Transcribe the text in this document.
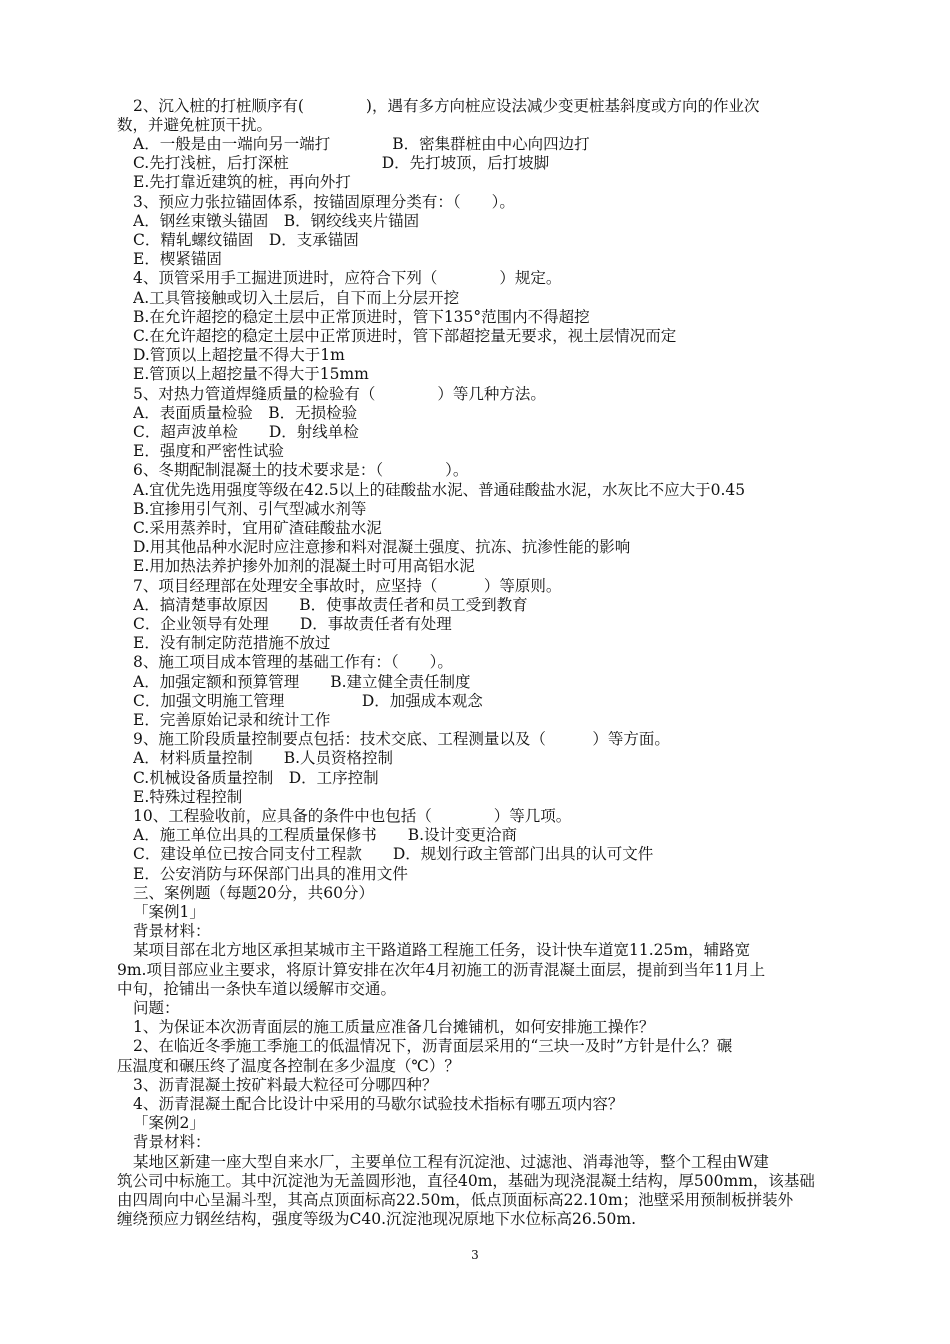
2、沉入桩的打桩顺序有(　　　　)，遇有多方向桩应设法减少变更桩基斜度或方向的作业次
数，并避免桩顶干扰。
A．一般是由一端向另一端打　　　　B．密集群桩由中心向四边打
C.先打浅桩，后打深桩　　　　　　D．先打坡顶，后打坡脚
E.先打靠近建筑的桩，再向外打
3、预应力张拉锚固体系，按锚固原理分类有：（　　）。
A．钢丝束镦头锚固　B．钢绞线夹片锚固
C．精轧螺纹锚固　D．支承锚固
E．楔紧锚固
4、顶管采用手工掘进顶进时，应符合下列（　　　　）规定。
A.工具管接触或切入土层后，自下而上分层开挖
B.在允许超挖的稳定土层中正常顶进时，管下135°范围内不得超挖
C.在允许超挖的稳定土层中正常顶进时，管下部超挖量无要求，视土层情况而定
D.管顶以上超挖量不得大于1m
E.管顶以上超挖量不得大于15mm
5、对热力管道焊缝质量的检验有（　　　　）等几种方法。
A．表面质量检验　B．无损检验
C．超声波单检　　D．射线单检
E．强度和严密性试验
6、冬期配制混凝土的技术要求是：（　　　　）。
A.宜优先选用强度等级在42.5以上的硅酸盐水泥、普通硅酸盐水泥，水灰比不应大于0.45
B.宜掺用引气剂、引气型减水剂等
C.采用蒸养时，宜用矿渣硅酸盐水泥
D.用其他品种水泥时应注意掺和料对混凝土强度、抗冻、抗渗性能的影响
E.用加热法养护掺外加剂的混凝土时可用高铝水泥
7、项目经理部在处理安全事故时，应坚持（　　　）等原则。
A．搞清楚事故原因　　B．使事故责任者和员工受到教育
C．企业领导有处理　　D．事故责任者有处理
E．没有制定防范措施不放过
8、施工项目成本管理的基础工作有：（　　）。
A．加强定额和预算管理　　B.建立健全责任制度
C．加强文明施工管理　　　　　D．加强成本观念
E．完善原始记录和统计工作
9、施工阶段质量控制要点包括：技术交底、工程测量以及（　　　）等方面。
A．材料质量控制　　B.人员资格控制
C.机械设备质量控制　D．工序控制
E.特殊过程控制
10、工程验收前，应具备的条件中也包括（　　　　）等几项。
A．施工单位出具的工程质量保修书　　B.设计变更洽商
C．建设单位已按合同支付工程款　　D．规划行政主管部门出具的认可文件
E．公安消防与环保部门出具的准用文件
三、案例题（每题20分，共60分）
「案例1」
背景材料：
某项目部在北方地区承担某城市主干路道路工程施工任务，设计快车道宽11.25m，辅路宽
9m.项目部应业主要求，将原计算安排在次年4月初施工的沥青混凝土面层，提前到当年11月上
中旬，抢铺出一条快车道以缓解市交通。
问题：
1、为保证本次沥青面层的施工质量应准备几台摊铺机，如何安排施工操作？
2、在临近冬季施工季施工的低温情况下，沥青面层采用的“三块一及时”方针是什么？碾
压温度和碾压终了温度各控制在多少温度（℃）？
3、沥青混凝土按矿料最大粒径可分哪四种？
4、沥青混凝土配合比设计中采用的马歇尔试验技术指标有哪五项内容？
「案例2」
背景材料：
某地区新建一座大型自来水厂，主要单位工程有沉淀池、过滤池、消毒池等，整个工程由W建
筑公司中标施工。其中沉淀池为无盖圆形池，直径40m，基础为现浇混凝土结构，厚500mm，该基础
由四周向中心呈漏斗型，其高点顶面标高22.50m，低点顶面标高22.10m；池壁采用预制板拼装外
缠绕预应力钢丝结构，强度等级为C40.沉淀池现况原地下水位标高26.50m.
3
